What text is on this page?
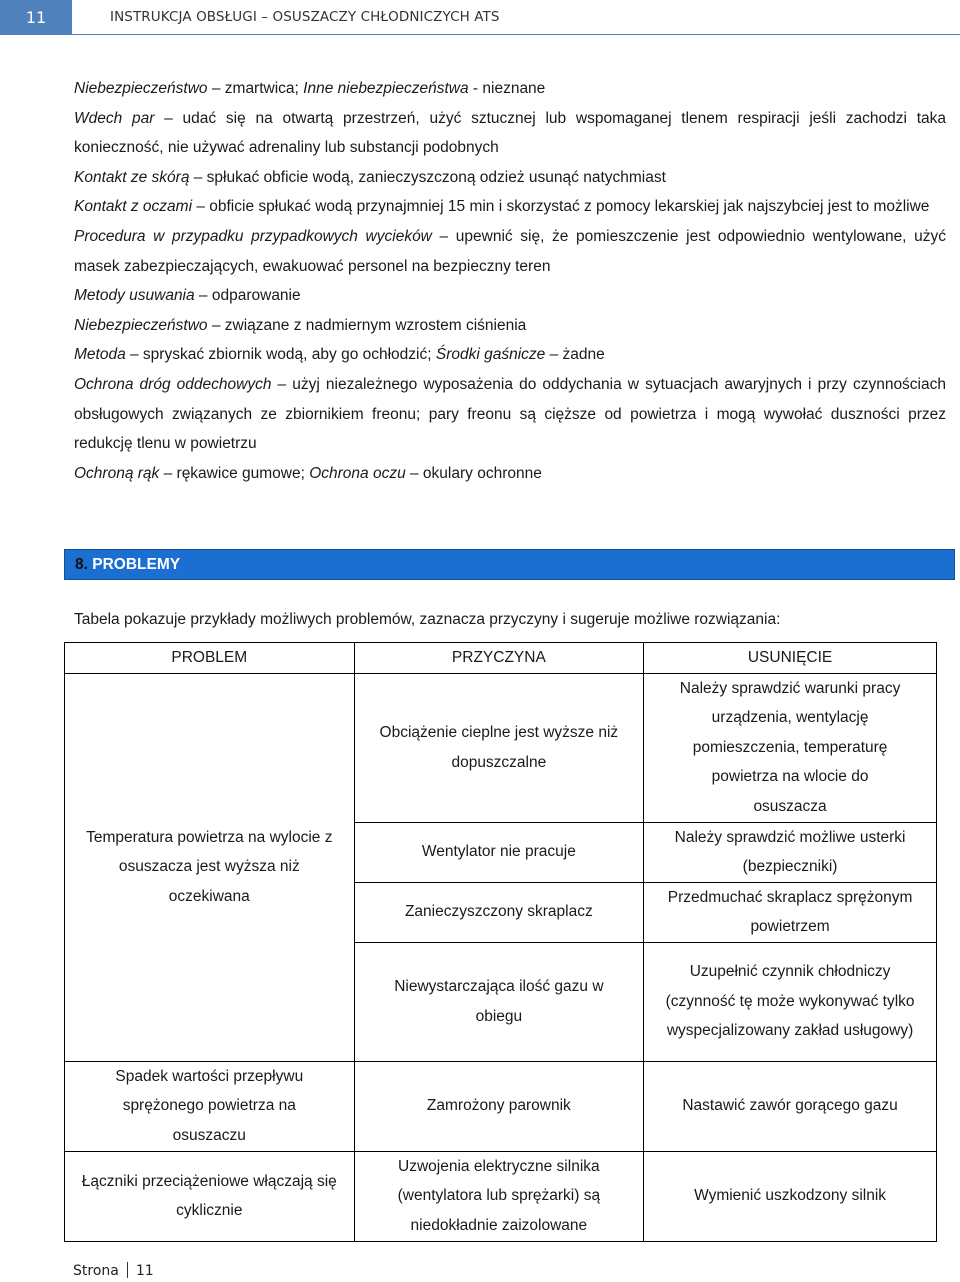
11	INSTRUKCJA OBSŁUGI – OSUSZACZY CHŁODNICZYCH ATS

Niebezpieczeństwo – zmartwica; Inne niebezpieczeństwa - nieznane

Wdech par – udać się na otwartą przestrzeń, użyć sztucznej lub wspomaganej tlenem respiracji jeśli zachodzi taka konieczność, nie używać adrenaliny lub substancji podobnych

Kontakt ze skórą – spłukać obficie wodą, zanieczyszczoną odzież usunąć natychmiast

Kontakt z oczami – obficie spłukać wodą przynajmniej 15 min i skorzystać z pomocy lekarskiej jak najszybciej jest to możliwe

Procedura w przypadku przypadkowych wycieków – upewnić się, że pomieszczenie jest odpowiednio wentylowane, użyć masek zabezpieczających, ewakuować personel na bezpieczny teren

Metody usuwania – odparowanie

Niebezpieczeństwo – związane z nadmiernym wzrostem ciśnienia

Metoda – spryskać zbiornik wodą, aby go ochłodzić; Środki gaśnicze – żadne

Ochrona dróg oddechowych – użyj niezależnego wyposażenia do oddychania w sytuacjach awaryjnych i przy czynnościach obsługowych związanych ze zbiornikiem freonu; pary freonu są cięższe od powietrza i mogą wywołać duszności przez redukcję tlenu w powietrzu

Ochroną rąk – rękawice gumowe; Ochrona oczu – okulary ochronne

8. PROBLEMY
Tabela pokazuje przykłady możliwych problemów, zaznacza przyczyny i sugeruje możliwe rozwiązania:
PROBLEM	PRZYCZYNA	USUNIĘCIE
Temperatura powietrza na wylocie z osuszacza jest wyższa niż oczekiwana	Obciążenie cieplne jest wyższe niż dopuszczalne	Należy sprawdzić warunki pracy urządzenia, wentylację pomieszczenia, temperaturę powietrza na wlocie do osuszacza
	Wentylator nie pracuje	Należy sprawdzić możliwe usterki (bezpieczniki)
	Zanieczyszczony skraplacz	Przedmuchać skraplacz sprężonym powietrzem
	Niewystarczająca ilość gazu w obiegu	Uzupełnić czynnik chłodniczy (czynność tę może wykonywać tylko wyspecjalizowany zakład usługowy)
Spadek wartości przepływu sprężonego powietrza na osuszaczu	Zamrożony parownik	Nastawić zawór gorącego gazu
Łączniki przeciążeniowe włączają się cyklicznie	Uzwojenia elektryczne silnika (wentylatora lub sprężarki) są niedokładnie zaizolowane	Wymienić uszkodzony silnik
Strona 11
